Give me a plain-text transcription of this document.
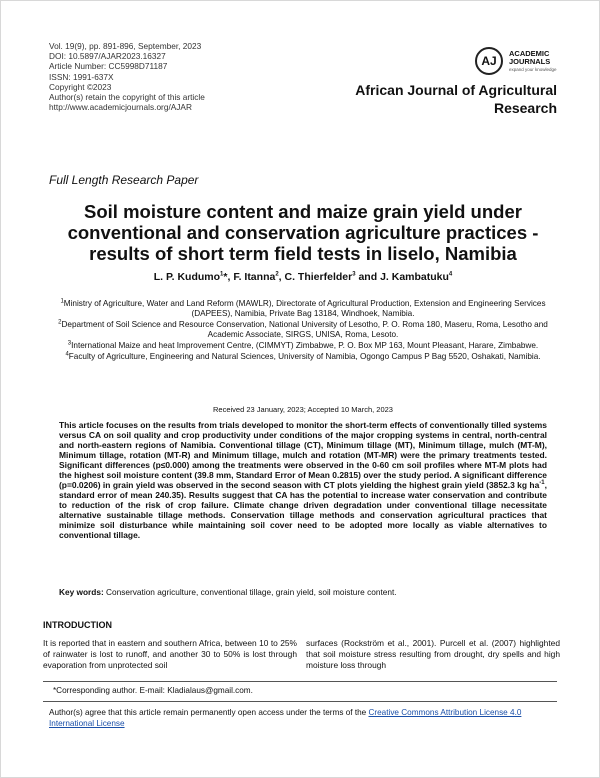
Vol. 19(9), pp. 891-896, September, 2023
DOI: 10.5897/AJAR2023.16327
Article Number: CC5998D71187
ISSN: 1991-637X
Copyright ©2023
Author(s) retain the copyright of this article
http://www.academicjournals.org/AJAR
AJ
ACADEMIC
JOURNALS
expand your knowledge
African Journal of Agricultural
Research
Full Length Research Paper
Soil moisture content and maize grain yield under conventional and conservation agriculture practices - results of short term field tests in liselo, Namibia
L. P. Kudumo$^1$*, F. Itanna$^2$, C. Thierfelder$^3$ and J. Kambatuku$^4$

$^1$Ministry of Agriculture, Water and Land Reform (MAWLR), Directorate of Agricultural Production, Extension and Engineering Services (DAPEES), Namibia, Private Bag 13184, Windhoek, Namibia.

$^2$Department of Soil Science and Resource Conservation, National University of Lesotho, P. O. Roma 180, Maseru, Roma, Lesotho and Academic Associate, SIRGS, UNISA, Roma, Lesoto.

$^3$International Maize and heat Improvement Centre, (CIMMYT) Zimbabwe, P. O. Box MP 163, Mount Pleasant, Harare, Zimbabwe.

$^4$Faculty of Agriculture, Engineering and Natural Sciences, University of Namibia, Ogongo Campus P Bag 5520, Oshakati, Namibia.

Received 23 January, 2023; Accepted 10 March, 2023
This article focuses on the results from trials developed to monitor the short-term effects of conventionally tilled systems versus CA on soil quality and crop productivity under conditions of the major cropping systems in central, north-central and north-eastern regions of Namibia. Conventional tillage (CT), Minimum tillage (MT), Minimum tillage, mulch (MT-M), Minimum tillage, rotation (MT-R) and Minimum tillage, mulch and rotation (MT-MR) were the primary treatments tested. Significant differences (p≤0.000) among the treatments were observed in the 0-60 cm soil profiles where MT-M plots had the highest soil moisture content (39.8 mm, Standard Error of Mean 0.2815) over the study period. A significant difference (p=0.0206) in grain yield was observed in the second season with CT plots yielding the highest grain yield (3852.3 kg $ha^{-1}$, standard error of mean 240.35). Results suggest that CA has the potential to increase water conservation and contribute to reduction of the risk of crop failure. Climate change driven degradation under conventional tillage necessitate alternative sustainable tillage methods. Conservation tillage methods and conservation agricultural practices that minimize soil disturbance while maintaining soil cover need to be adopted more locally as viable alternatives to conventional tillage.
Key words: Conservation agriculture, conventional tillage, grain yield, soil moisture content.
INTRODUCTION
It is reported that in eastern and southern Africa, between 10 to 25% of rainwater is lost to runoff, and another 30 to 50% is lost through evaporation from unprotected soil
surfaces (Rockström et al., 2001). Purcell et al. (2007) highlighted that soil moisture stress resulting from drought, dry spells and high moisture loss through
*Corresponding author. E-mail: Kladialaus@gmail.com.
Author(s) agree that this article remain permanently open access under the terms of the Creative Commons Attribution License 4.0 International License
